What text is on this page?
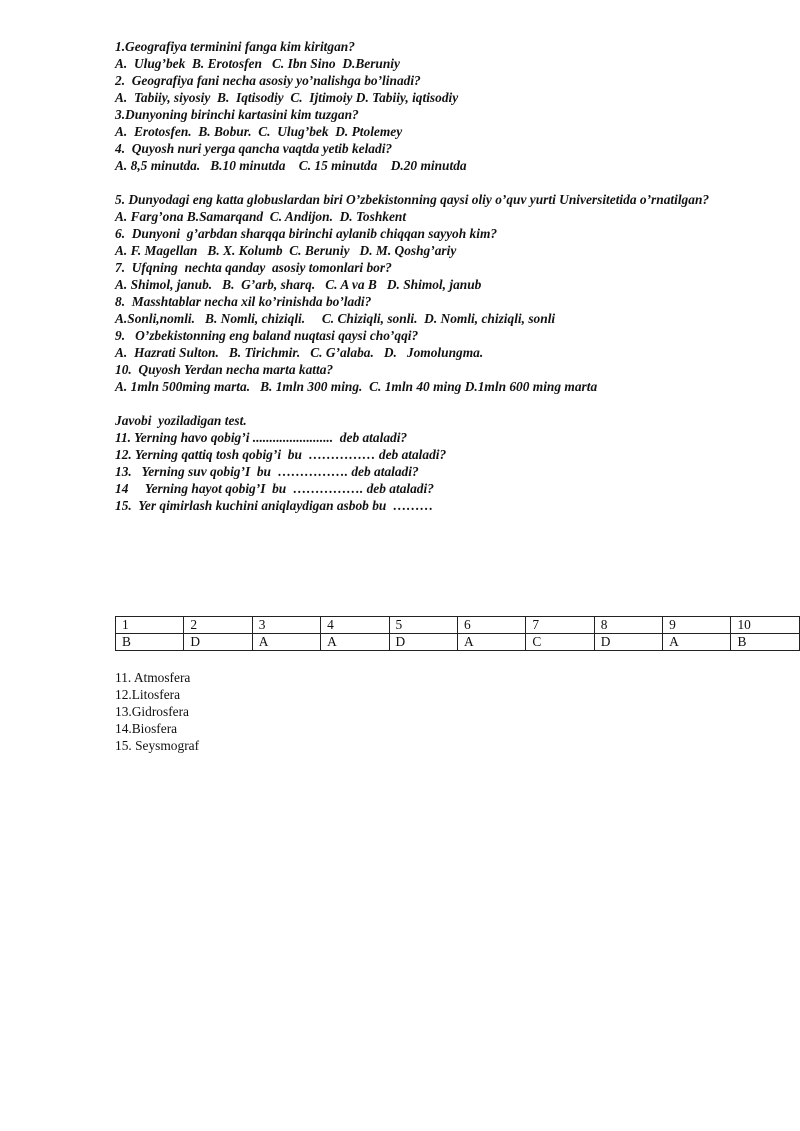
1.Geografiya terminini fanga kim kiritgan?
A.  Ulug’bek  B. Erotosfen   C. Ibn Sino  D.Beruniy
2.  Geografiya fani necha asosiy yo’nalishga bo’linadi?
A.  Tabiiy, siyosiy  B.  Iqtisodiy  C.  Ijtimoiy D. Tabiiy, iqtisodiy
3.Dunyoning birinchi kartasini kim tuzgan?
A.  Erotosfen.  B. Bobur.  C.  Ulug’bek  D. Ptolemey
4.  Quyosh nuri yerga qancha vaqtda yetib keladi?
A. 8,5 minutda.   B.10 minutda    C. 15 minutda    D.20 minutda
5. Dunyodagi eng katta globuslardan biri O’zbekistonning qaysi oliy o’quv yurti Universitetida o’rnatilgan?
A. Farg’ona B.Samarqand  C. Andijon.  D. Toshkent
6.  Dunyoni  g’arbdan sharqqa birinchi aylanib chiqqan sayyoh kim?
A. F. Magellan   B. X. Kolumb  C. Beruniy   D. M. Qoshg’ariy
7.  Ufqning  nechta qanday  asosiy tomonlari bor?
A. Shimol, janub.   B.  G’arb, sharq.   C. A va B   D. Shimol, janub
8.  Masshtablar necha xil ko’rinishda bo’ladi?
A.Sonli,nomli.   B. Nomli, chiziqli.     C. Chiziqli, sonli.  D. Nomli, chiziqli, sonli
9.   O’zbekistonning eng baland nuqtasi qaysi cho’qqi?
A.  Hazrati Sulton.   B. Tirichmir.   C. G’alaba.   D.   Jomolungma.
10.  Quyosh Yerdan necha marta katta?
A. 1mln 500ming marta.   B. 1mln 300 ming.  C. 1mln 40 ming D.1mln 600 ming marta
Javobi  yoziladigan test.
11. Yerning havo qobig’i ........................  deb ataladi?
12. Yerning qattiq tosh qobig’i  bu  …………… deb ataladi?
13.   Yerning suv qobig’I  bu  ……………. deb ataladi?
14     Yerning hayot qobig’I  bu  ……………. deb ataladi?
15.  Yer qimirlash kuchini aniqlaydigan asbob bu  ………
1	2	3	4	5	6	7	8	9	10
B	D	A	A	D	A	C	D	A	B
11. Atmosfera
12.Litosfera
13.Gidrosfera
14.Biosfera
15. Seysmograf
